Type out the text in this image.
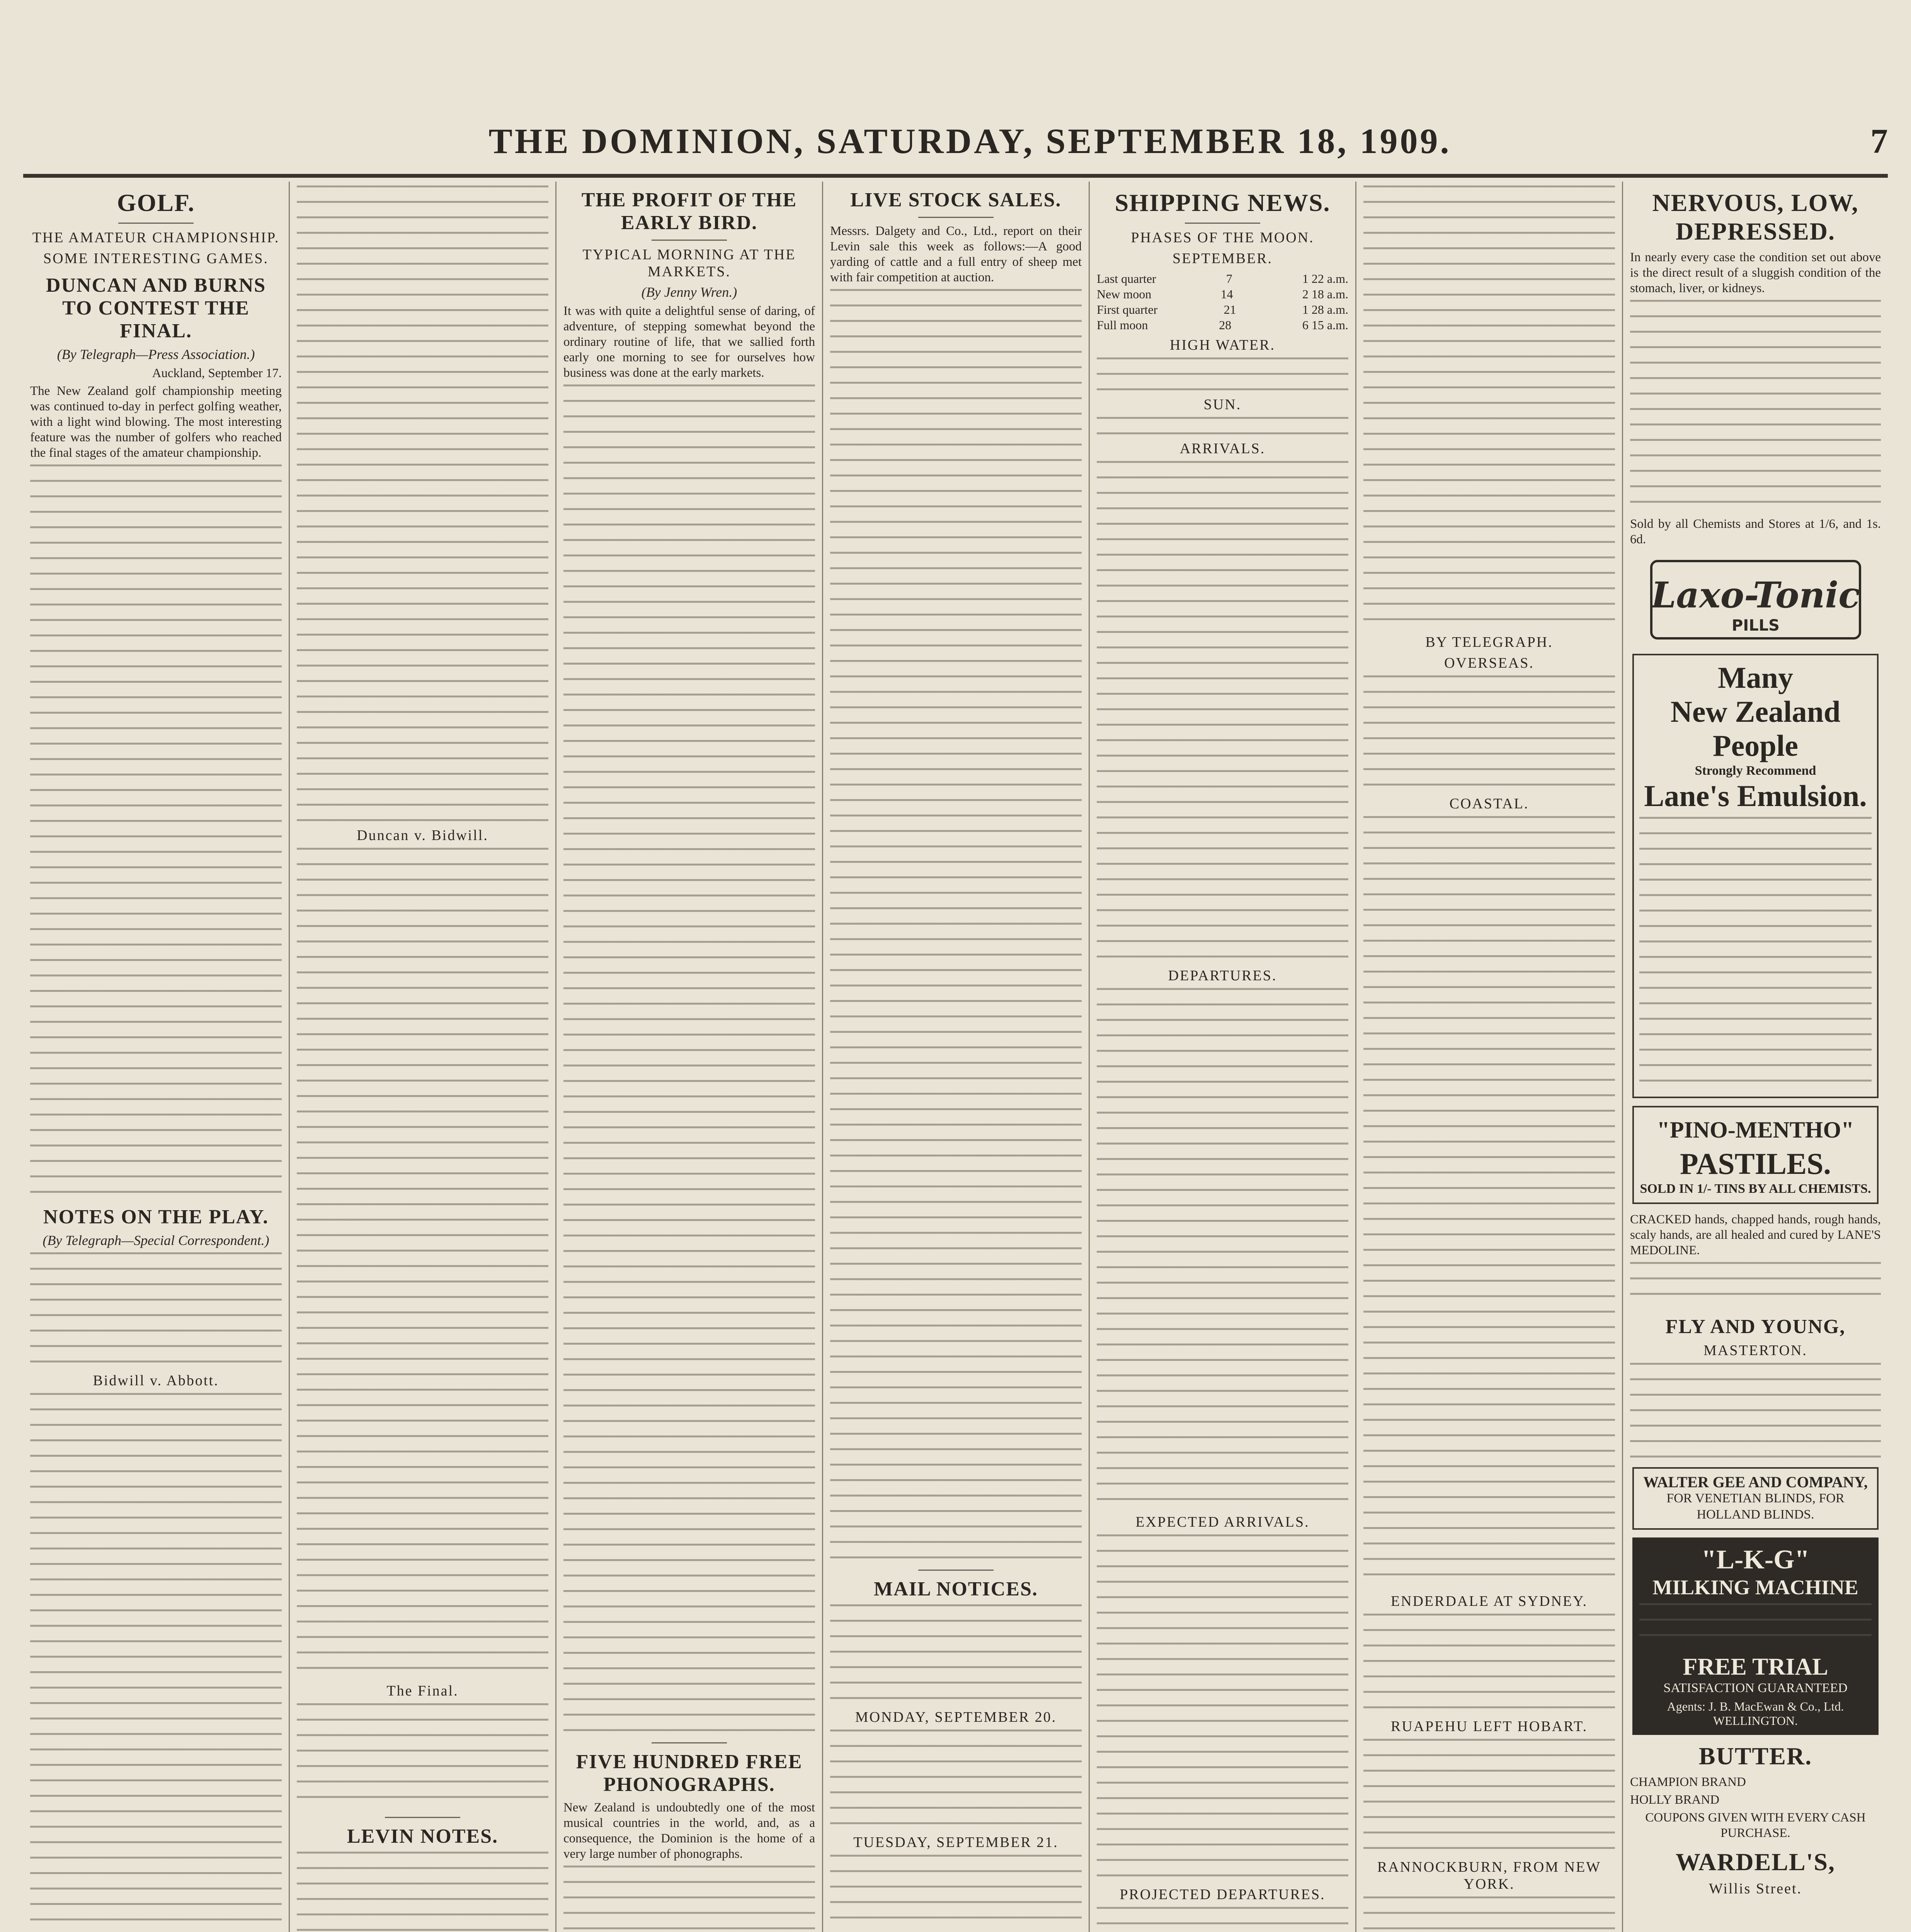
THE DOMINION, SATURDAY, SEPTEMBER 18, 1909.	7
GOLF.
THE AMATEUR CHAMPIONSHIP.
SOME INTERESTING GAMES.
DUNCAN AND BURNS TO CONTEST THE FINAL.
(By Telegraph—Press Association.)
Auckland, September 17.
The New Zealand golf championship meeting was continued to-day in perfect golfing weather, with a light wind blowing. The most interesting feature was the number of golfers who reached the final stages of the amateur championship.
NOTES ON THE PLAY.
(By Telegraph—Special Correspondent.)
Bidwill v. Abbott.
Duncan v. Bidwill.
The Final.
LEVIN NOTES.
THE PROFIT OF THE EARLY BIRD.
TYPICAL MORNING AT THE MARKETS.
(By Jenny Wren.)
It was with quite a delightful sense of daring, of adventure, of stepping somewhat beyond the ordinary routine of life, that we sallied forth early one morning to see for ourselves how business was done at the early markets.
FIVE HUNDRED FREE PHONOGRAPHS.
New Zealand is undoubtedly one of the most musical countries in the world, and, as a consequence, the Dominion is the home of a very large number of phonographs.
LIVE STOCK SALES.
Messrs. Dalgety and Co., Ltd., report on their Levin sale this week as follows:—A good yarding of cattle and a full entry of sheep met with fair competition at auction.
MAIL NOTICES.
MONDAY, SEPTEMBER 20.
TUESDAY, SEPTEMBER 21.
SHIPPING NEWS.
PHASES OF THE MOON.
SEPTEMBER.
Last quarter	7	1 22 a.m.
New moon	14	2 18 a.m.
First quarter	21	1 28 a.m.
Full moon	28	6 15 a.m.
HIGH WATER.
SUN.
ARRIVALS.
DEPARTURES.
EXPECTED ARRIVALS.
PROJECTED DEPARTURES.
BY TELEGRAPH.
OVERSEAS.
COASTAL.
ENDERDALE AT SYDNEY.
RUAPEHU LEFT HOBART.
RANNOCKBURN, FROM NEW YORK.
NERVOUS, LOW, DEPRESSED.
In nearly every case the condition set out above is the direct result of a sluggish condition of the stomach, liver, or kidneys.
Sold by all Chemists and Stores at 1/6, and 1s. 6d.
Laxo-Tonic
PILLS
Many
New Zealand People
Strongly Recommend
Lane's Emulsion.
"PINO-MENTHO"
PASTILES.
SOLD IN 1/- TINS BY ALL CHEMISTS.
CRACKED hands, chapped hands, rough hands, scaly hands, are all healed and cured by LANE'S MEDOLINE.
FLY AND YOUNG,
MASTERTON.
WALTER GEE AND COMPANY,
FOR VENETIAN BLINDS, FOR HOLLAND BLINDS.
"L-K-G"
MILKING MACHINE
FREE TRIAL
SATISFACTION GUARANTEED
Agents: J. B. MacEwan & Co., Ltd. WELLINGTON.
BUTTER.
CHAMPION BRAND
HOLLY BRAND
COUPONS GIVEN WITH EVERY CASH PURCHASE.
WARDELL'S,
Willis Street.
